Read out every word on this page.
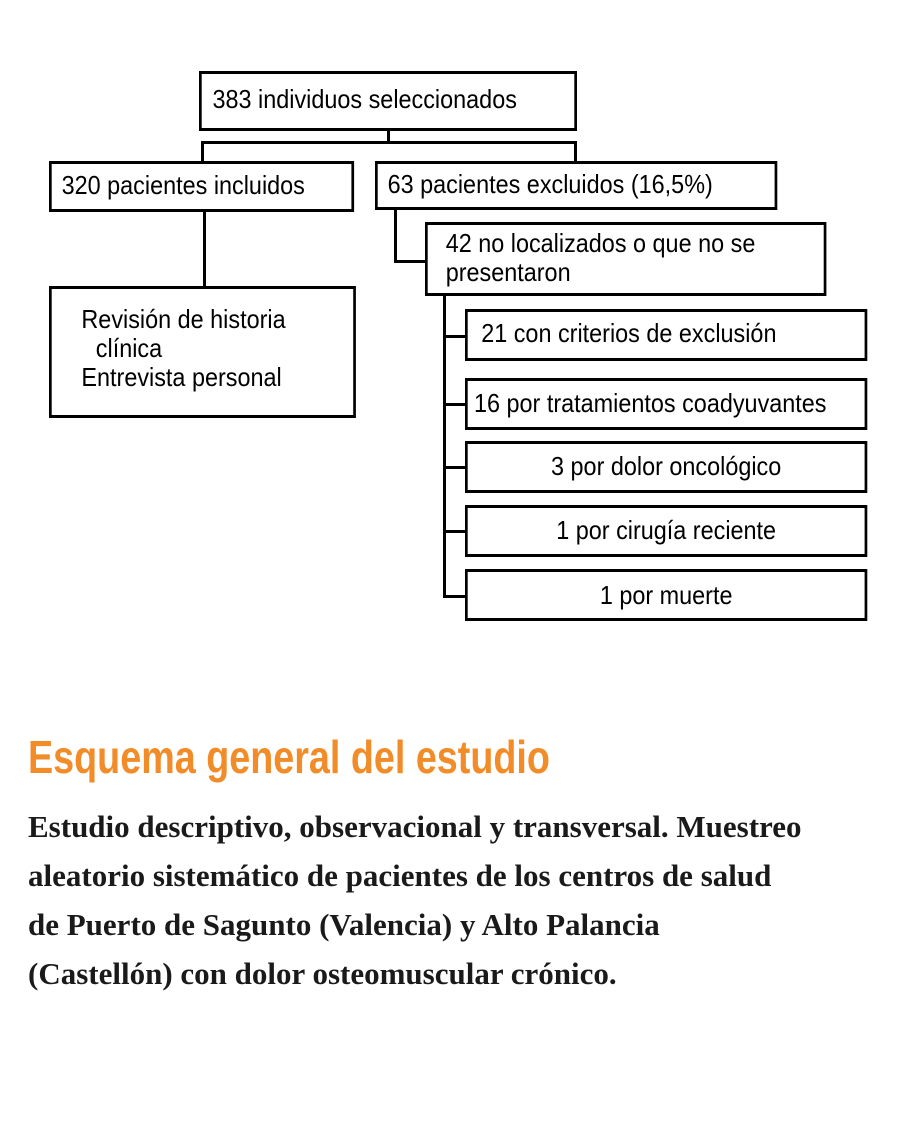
383 individuos seleccionados
320 pacientes incluidos	63 pacientes excluidos (16,5%)
Revisión de historia
clínica
Entrevista personal
42 no localizados o que no se
presentaron
21 con criterios de exclusión
16 por tratamientos coadyuvantes
3 por dolor oncológico
1 por cirugía reciente
1 por muerte
Esquema general del estudio
Estudio descriptivo, observacional y transversal. Muestreo
aleatorio sistemático de pacientes de los centros de salud
de Puerto de Sagunto (Valencia) y Alto Palancia
(Castellón) con dolor osteomuscular crónico.
